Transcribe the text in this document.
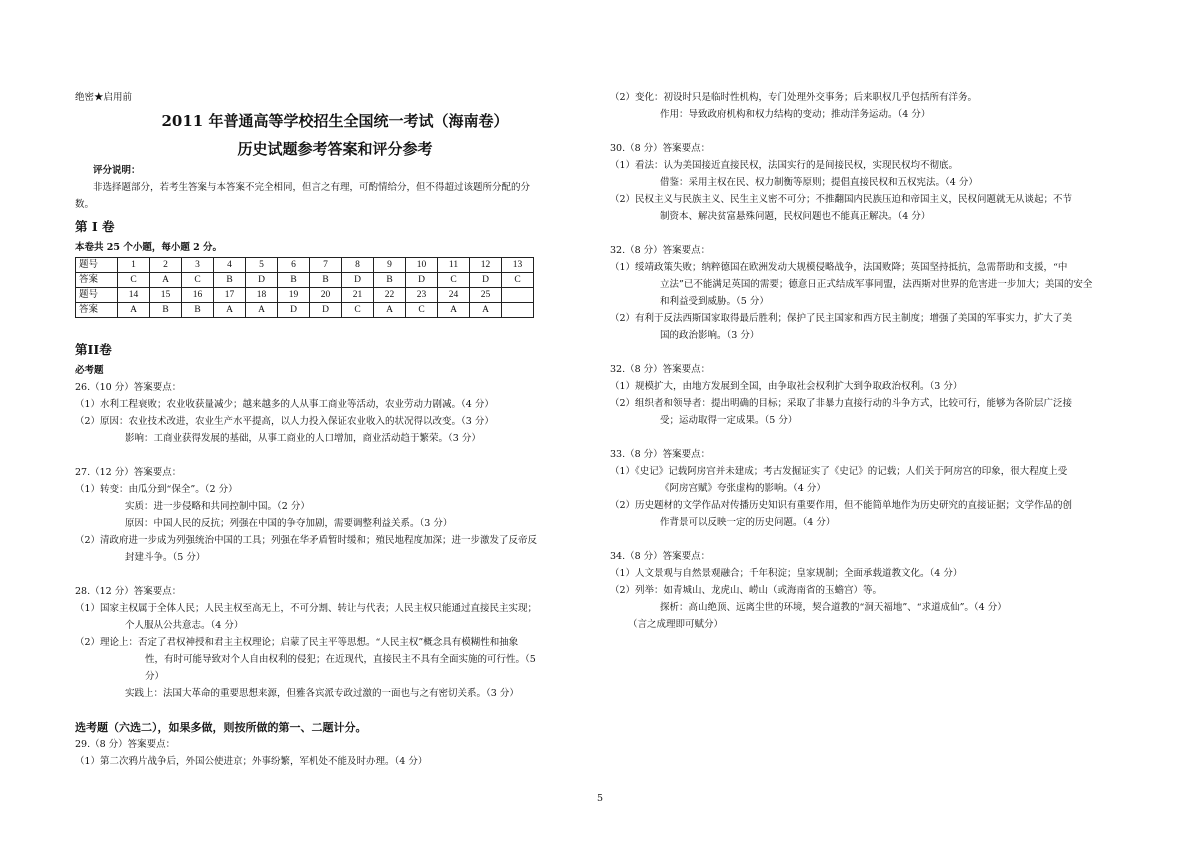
绝密★启用前
2011 年普通高等学校招生全国统一考试（海南卷）
历史试题参考答案和评分参考
评分说明：
非选择题部分，若考生答案与本答案不完全相同，但言之有理，可酌情给分，但不得超过该题所分配的分
数。
第 I 卷
本卷共 25 个小题，每小题 2 分。
题号	1	2	3	4	5	6	7	8	9	10	11	12	13
答案	C	A	C	B	D	B	B	D	B	D	C	D	C
题号	14	15	16	17	18	19	20	21	22	23	24	25	
答案	A	B	B	A	A	D	D	C	A	C	A	A	
第II卷
必考题
26.（10 分）答案要点：
（1）水利工程衰败；农业收获量减少；越来越多的人从事工商业等活动，农业劳动力剧减。（4 分）
（2）原因：农业技术改进，农业生产水平提高，以人力投入保证农业收入的状况得以改变。（3 分）
影响：工商业获得发展的基础，从事工商业的人口增加，商业活动趋于繁荣。（3 分）
27.（12 分）答案要点：
（1）转变：由瓜分到“保全”。（2 分）
实质：进一步侵略和共同控制中国。（2 分）
原因：中国人民的反抗；列强在中国的争夺加剧，需要调整利益关系。（3 分）
（2）清政府进一步成为列强统治中国的工具；列强在华矛盾暂时缓和；殖民地程度加深；进一步激发了反帝反
封建斗争。（5 分）
28.（12 分）答案要点：
（1）国家主权属于全体人民；人民主权至高无上，不可分割、转让与代表；人民主权只能通过直接民主实现；
个人服从公共意志。（4 分）
（2）理论上：否定了君权神授和君主主权理论；启蒙了民主平等思想。“人民主权”概念具有模糊性和抽象
性，有时可能导致对个人自由权利的侵犯；在近现代，直接民主不具有全面实施的可行性。（5
分）
实践上：法国大革命的重要思想来源，但雅各宾派专政过激的一面也与之有密切关系。（3 分）
选考题（六选二），如果多做，则按所做的第一、二题计分。
29.（8 分）答案要点：
（1）第二次鸦片战争后，外国公使进京；外事纷繁，军机处不能及时办理。（4 分）
（2）变化：初设时只是临时性机构，专门处理外交事务；后来职权几乎包括所有洋务。
作用：导致政府机构和权力结构的变动；推动洋务运动。（4 分）
30.（8 分）答案要点：
（1）看法：认为美国接近直接民权，法国实行的是间接民权，实现民权均不彻底。
借鉴：采用主权在民、权力制衡等原则；提倡直接民权和五权宪法。（4 分）
（2）民权主义与民族主义、民生主义密不可分；不推翻国内民族压迫和帝国主义，民权问题就无从谈起；不节
制资本、解决贫富悬殊问题，民权问题也不能真正解决。（4 分）
32.（8 分）答案要点：
（1）绥靖政策失败；纳粹德国在欧洲发动大规模侵略战争，法国败降；英国坚持抵抗，急需帮助和支援，“中
立法”已不能满足英国的需要；德意日正式结成军事同盟，法西斯对世界的危害进一步加大；美国的安全
和利益受到威胁。（5 分）
（2）有利于反法西斯国家取得最后胜利；保护了民主国家和西方民主制度；增强了美国的军事实力，扩大了美
国的政治影响。（3 分）
32.（8 分）答案要点：
（1）规模扩大，由地方发展到全国，由争取社会权利扩大到争取政治权利。（3 分）
（2）组织者和领导者：提出明确的目标；采取了非暴力直接行动的斗争方式，比较可行，能够为各阶层广泛接
受；运动取得一定成果。（5 分）
33.（8 分）答案要点：
（1）《史记》记载阿房宫并未建成；考古发掘证实了《史记》的记载；人们关于阿房宫的印象，很大程度上受
《阿房宫赋》夸张虚构的影响。（4 分）
（2）历史题材的文学作品对传播历史知识有重要作用，但不能简单地作为历史研究的直接证据；文学作品的创
作背景可以反映一定的历史问题。（4 分）
34.（8 分）答案要点：
（1）人文景观与自然景观融合；千年积淀；皇家规制；全面承载道教文化。（4 分）
（2）列举：如青城山、龙虎山、崂山（或海南省的玉蟾宫）等。
探析：高山绝顶、远离尘世的环境，契合道教的“洞天福地”、“求道成仙”。（4 分）
（言之成理即可赋分）
5
